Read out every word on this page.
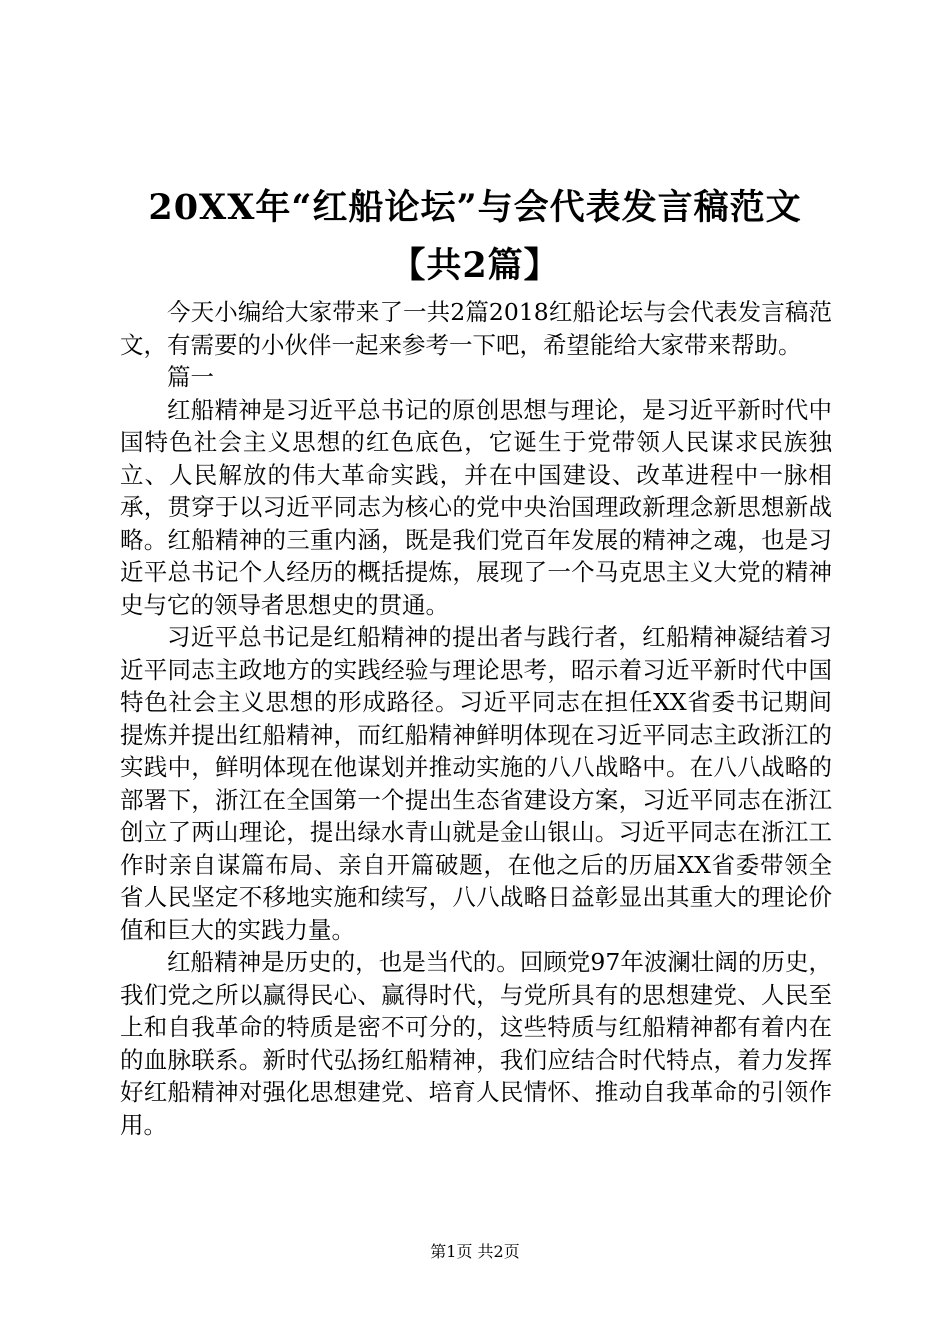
20XX年“红船论坛”与会代表发言稿范文
【共2篇】

今天小编给大家带来了一共2篇2018红船论坛与会代表发言稿范文，有需要的小伙伴一起来参考一下吧，希望能给大家带来帮助。

篇一

红船精神是习近平总书记的原创思想与理论，是习近平新时代中国特色社会主义思想的红色底色，它诞生于党带领人民谋求民族独立、人民解放的伟大革命实践，并在中国建设、改革进程中一脉相承，贯穿于以习近平同志为核心的党中央治国理政新理念新思想新战略。红船精神的三重内涵，既是我们党百年发展的精神之魂，也是习近平总书记个人经历的概括提炼，展现了一个马克思主义大党的精神史与它的领导者思想史的贯通。

习近平总书记是红船精神的提出者与践行者，红船精神凝结着习近平同志主政地方的实践经验与理论思考，昭示着习近平新时代中国特色社会主义思想的形成路径。习近平同志在担任XX省委书记期间提炼并提出红船精神，而红船精神鲜明体现在习近平同志主政浙江的实践中，鲜明体现在他谋划并推动实施的八八战略中。在八八战略的部署下，浙江在全国第一个提出生态省建设方案，习近平同志在浙江创立了两山理论，提出绿水青山就是金山银山。习近平同志在浙江工作时亲自谋篇布局、亲自开篇破题，在他之后的历届XX省委带领全省人民坚定不移地实施和续写，八八战略日益彰显出其重大的理论价值和巨大的实践力量。

红船精神是历史的，也是当代的。回顾党97年波澜壮阔的历史，我们党之所以赢得民心、赢得时代，与党所具有的思想建党、人民至上和自我革命的特质是密不可分的，这些特质与红船精神都有着内在的血脉联系。新时代弘扬红船精神，我们应结合时代特点，着力发挥好红船精神对强化思想建党、培育人民情怀、推动自我革命的引领作用。

第1页 共2页
